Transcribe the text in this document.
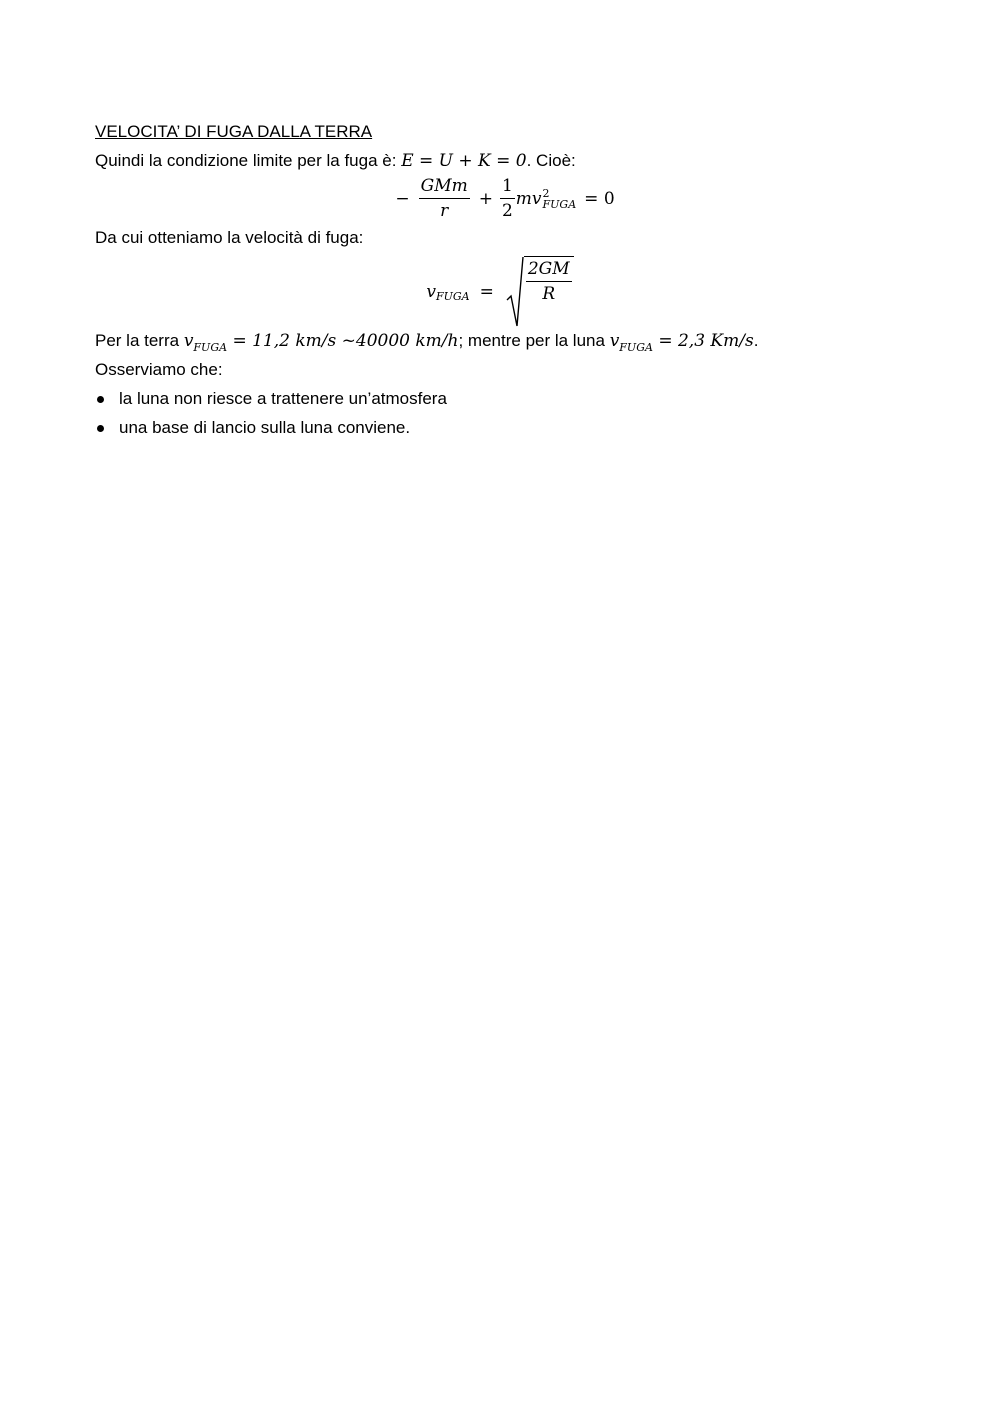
VELOCITA’ DI FUGA DALLA TERRA
Quindi la condizione limite per la fuga è: E = U + K = 0. Cioè:
− $\frac{\text{GMm}}{r} + \frac{1}{2}$ mv 2
FUGA = 0
Da cui otteniamo la velocità di fuga:
v FUGA = $\frac{2GM}{R}$
Per la terra $v_{FUGA} = 11,2$ km/s ~40000 km/h; mentre per la luna $v_{FUGA} = 2,3$ Km/s.
Osserviamo che:
la luna non riesce a trattenere un’atmosfera
una base di lancio sulla luna conviene.
